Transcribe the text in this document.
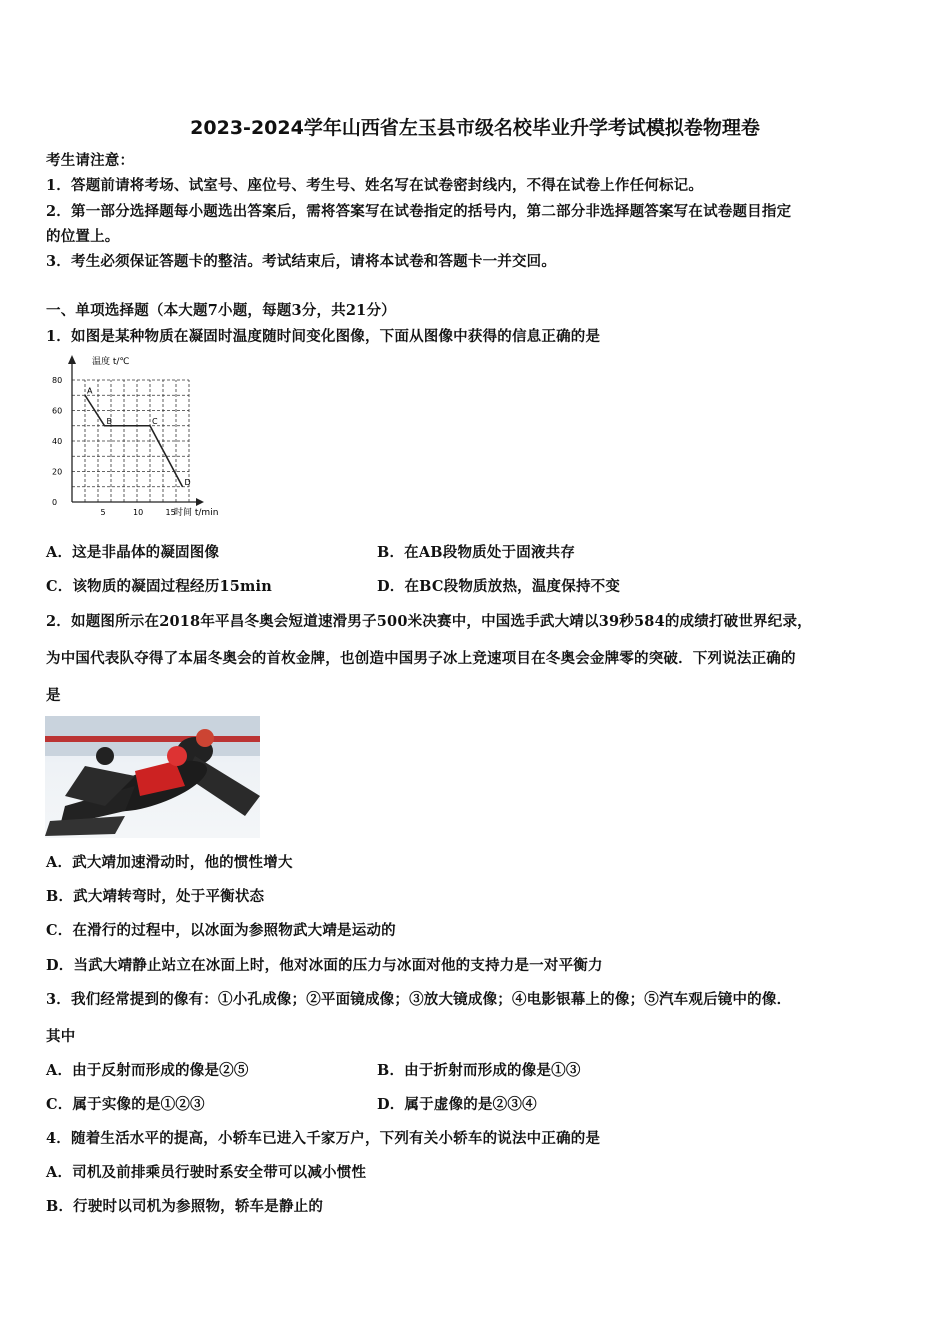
2023-2024学年山西省左玉县市级名校毕业升学考试模拟卷物理卷
考生请注意：
1．答题前请将考场、试室号、座位号、考生号、姓名写在试卷密封线内，不得在试卷上作任何标记。
2．第一部分选择题每小题选出答案后，需将答案写在试卷指定的括号内，第二部分非选择题答案写在试卷题目指定
的位置上。
3．考生必须保证答题卡的整洁。考试结束后，请将本试卷和答题卡一并交回。
一、单项选择题（本大题7小题，每题3分，共21分）
1．如图是某种物质在凝固时温度随时间变化图像，下面从图像中获得的信息正确的是
温度 t/℃
时间 t/min
0
20
40
60
80
5	10	15
A
B	C
D
A．这是非晶体的凝固图像	B．在AB段物质处于固液共存
C．该物质的凝固过程经历15min	D．在BC段物质放热，温度保持不变
2．如题图所示在2018年平昌冬奥会短道速滑男子500米决赛中，中国选手武大靖以39秒584的成绩打破世界纪录，
为中国代表队夺得了本届冬奥会的首枚金牌，也创造中国男子冰上竞速项目在冬奥会金牌零的突破．下列说法正确的
是
A．武大靖加速滑动时，他的惯性增大
B．武大靖转弯时，处于平衡状态
C．在滑行的过程中，以冰面为参照物武大靖是运动的
D．当武大靖静止站立在冰面上时，他对冰面的压力与冰面对他的支持力是一对平衡力
3．我们经常提到的像有：①小孔成像；②平面镜成像；③放大镜成像；④电影银幕上的像；⑤汽车观后镜中的像．
其中
A．由于反射而形成的像是②⑤	B．由于折射而形成的像是①③
C．属于实像的是①②③	D．属于虚像的是②③④
4．随着生活水平的提高，小轿车已进入千家万户，下列有关小轿车的说法中正确的是
A．司机及前排乘员行驶时系安全带可以减小惯性
B．行驶时以司机为参照物，轿车是静止的
